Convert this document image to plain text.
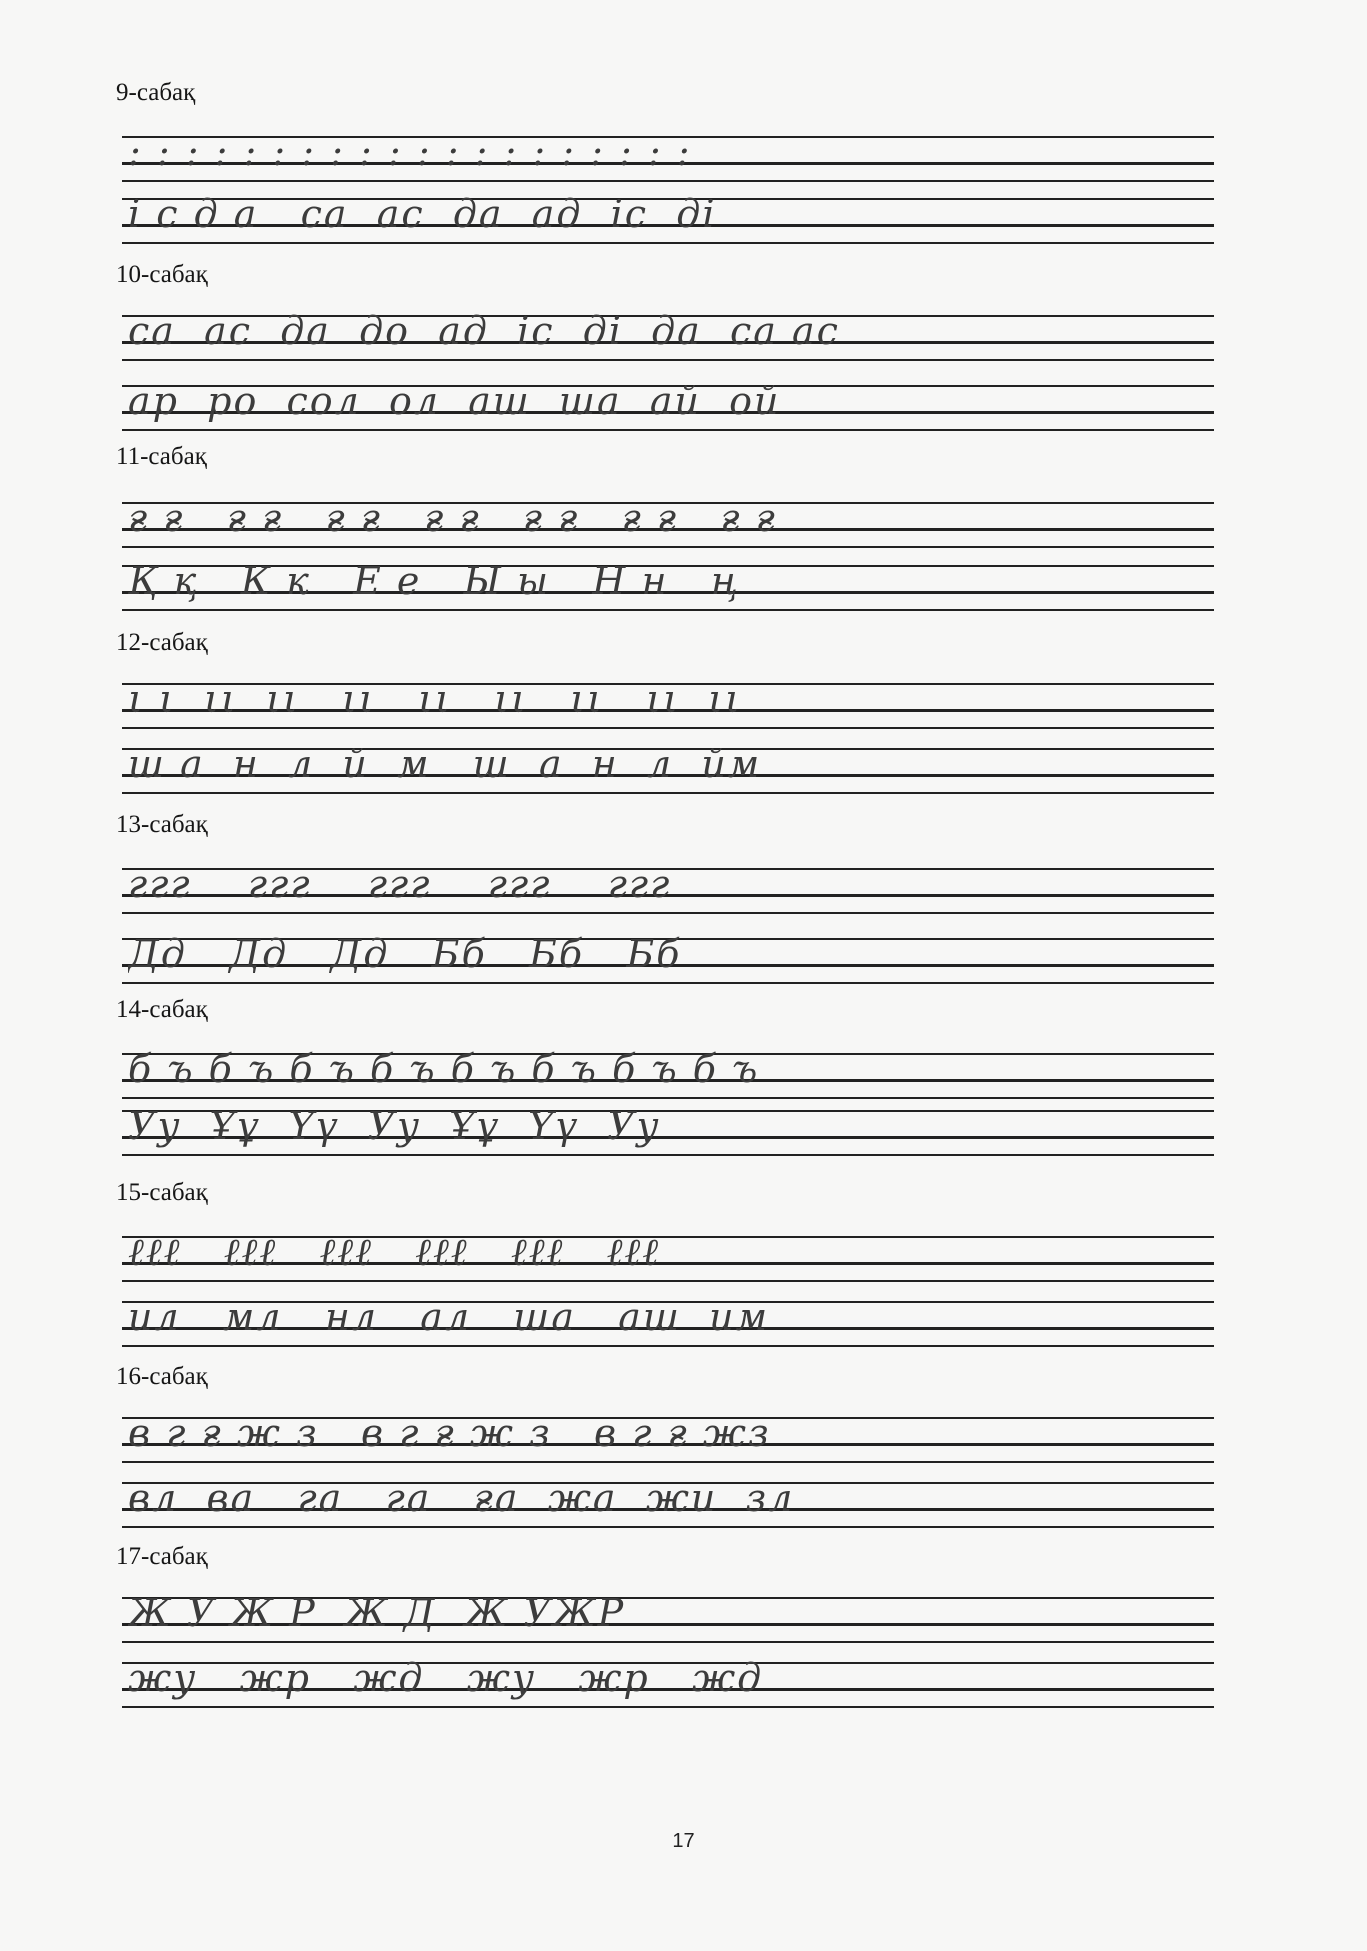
9-сабақ
: : : : : : : : : : : : : : : : : : : :
і с д а   са  ас  да  ад  іс  ді
10-сабақ
са  ас  да  до  ад  іс  ді  да  са ас
ар  ро  сол  ол  аш  ша  ай  ой
11-сабақ
ғ ғ   ғ ғ   ғ ғ   ғ ғ   ғ ғ   ғ ғ   ғ ғ
Қ қ   К к   Е е   Ы ы   Н н   ң
12-сабақ
ι ι  ιι  ιι   ιι   ιι   ιι   ιι   ιι  ιι
ш а  н  л  й  м   ш  а  н  л  йм
13-сабақ
ггг    ггг    ггг    ггг    ггг
Дд   Дд   Дд   Бб   Бб   Бб
14-сабақ
б ъ б ъ б ъ б ъ б ъ б ъ б ъ б ъ
Уу  Ұұ  Үү  Уу  Ұұ  Үү  Уу
15-сабақ
ℓℓℓ   ℓℓℓ   ℓℓℓ   ℓℓℓ   ℓℓℓ   ℓℓℓ
ил   мл   нл   ал   ша   аш  им
16-сабақ
в г ғ ж з   в г ғ ж з   в г ғ жз
вл  ва   га   га   ға  жа  жи  зл
17-сабақ
Ж У Ж Р  Ж Д  Ж УЖР
жу   жр   жд   жу   жр   жд
17
